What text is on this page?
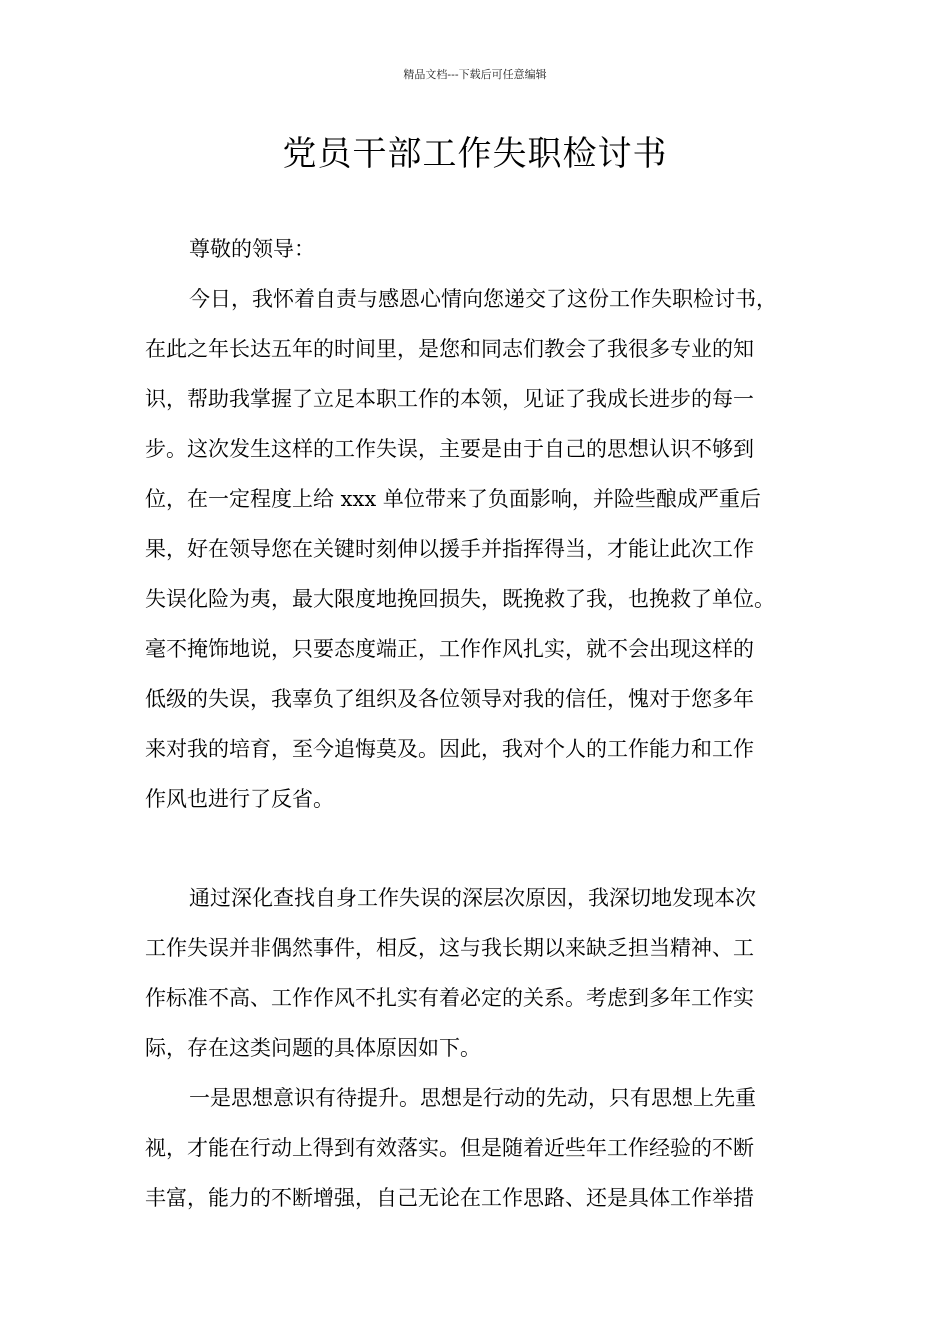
精品文档---下载后可任意编辑
党员干部工作失职检讨书
尊敬的领导：
今日，我怀着自责与感恩心情向您递交了这份工作失职检讨书，
在此之年长达五年的时间里，是您和同志们教会了我很多专业的知
识，帮助我掌握了立足本职工作的本领，见证了我成长进步的每一
步。这次发生这样的工作失误，主要是由于自己的思想认识不够到
位，在一定程度上给 xxx 单位带来了负面影响，并险些酿成严重后
果，好在领导您在关键时刻伸以援手并指挥得当，才能让此次工作
失误化险为夷，最大限度地挽回损失，既挽救了我，也挽救了单位。
毫不掩饰地说，只要态度端正，工作作风扎实，就不会出现这样的
低级的失误，我辜负了组织及各位领导对我的信任，愧对于您多年
来对我的培育，至今追悔莫及。因此，我对个人的工作能力和工作
作风也进行了反省。
通过深化查找自身工作失误的深层次原因，我深切地发现本次
工作失误并非偶然事件，相反，这与我长期以来缺乏担当精神、工
作标准不高、工作作风不扎实有着必定的关系。考虑到多年工作实
际，存在这类问题的具体原因如下。
一是思想意识有待提升。思想是行动的先动，只有思想上先重
视，才能在行动上得到有效落实。但是随着近些年工作经验的不断
丰富，能力的不断增强，自己无论在工作思路、还是具体工作举措
